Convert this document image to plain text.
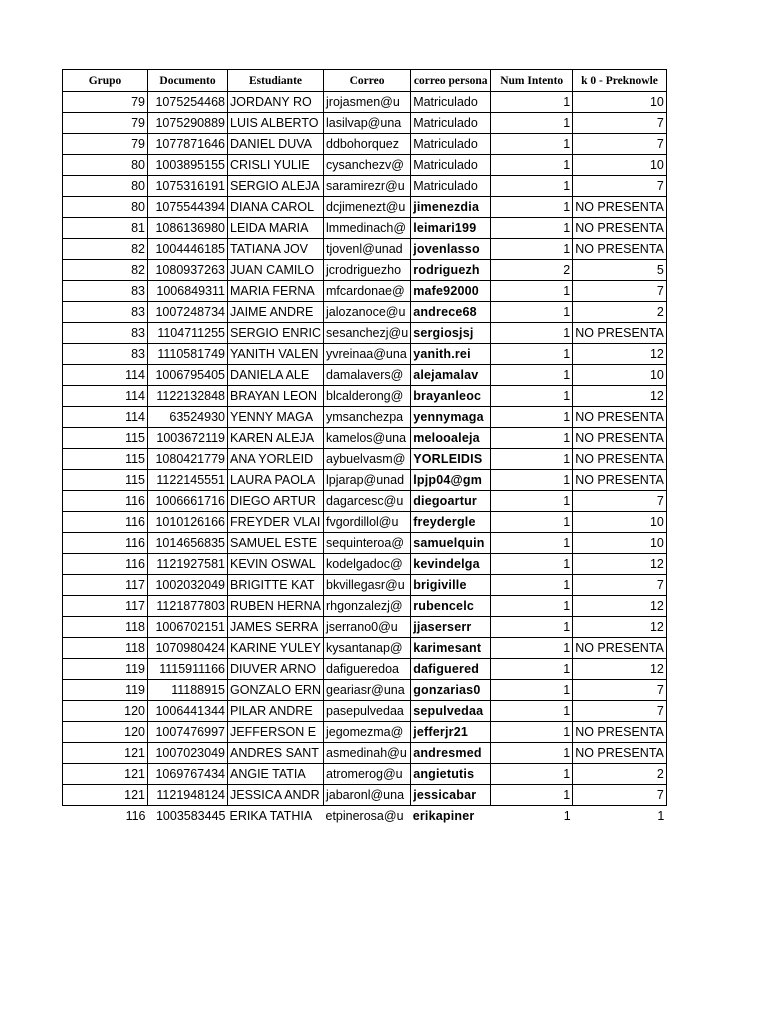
Grupo	Documento	Estudiante	Correo	correo persona	Num Intento	k 0 - Preknowle
79	1075254468	JORDANY RO	jrojasmen@u	Matriculado	1	10
79	1075290889	LUIS ALBERTO	lasilvap@una	Matriculado	1	7
79	1077871646	DANIEL DUVA	ddbohorquez	Matriculado	1	7
80	1003895155	CRISLI YULIE	cysanchezv@	Matriculado	1	10
80	1075316191	SERGIO ALEJA	saramirezr@u	Matriculado	1	7
80	1075544394	DIANA CAROL	dcjimenezt@u	jimenezdia	1	NO PRESENTA
81	1086136980	LEIDA MARIA	lmmedinach@	leimari199	1	NO PRESENTA
82	1004446185	TATIANA JOV	tjovenl@unad	jovenlasso	1	NO PRESENTA
82	1080937263	JUAN CAMILO	jcrodriguezho	rodriguezh	2	5
83	1006849311	MARIA FERNA	mfcardonae@	mafe92000	1	7
83	1007248734	JAIME ANDRE	jalozanoce@u	andrece68	1	2
83	1104711255	SERGIO ENRIC	sesanchezj@u	sergiosjsj	1	NO PRESENTA
83	1110581749	YANITH VALEN	yvreinaa@una	yanith.rei	1	12
114	1006795405	DANIELA ALE	damalavers@	alejamalav	1	10
114	1122132848	BRAYAN LEON	blcalderong@	brayanleoc	1	12
114	63524930	YENNY MAGA	ymsanchezpa	yennymaga	1	NO PRESENTA
115	1003672119	KAREN ALEJA	kamelos@una	melooaleja	1	NO PRESENTA
115	1080421779	ANA YORLEID	aybuelvasm@	YORLEIDIS	1	NO PRESENTA
115	1122145551	LAURA PAOLA	lpjarap@unad	lpjp04@gm	1	NO PRESENTA
116	1006661716	DIEGO ARTUR	dagarcesc@u	diegoartur	1	7
116	1010126166	FREYDER VLAI	fvgordillol@u	freydergle	1	10
116	1014656835	SAMUEL ESTE	sequinteroa@	samuelquin	1	10
116	1121927581	KEVIN OSWAL	kodelgadoc@	kevindelga	1	12
117	1002032049	BRIGITTE KAT	bkvillegasr@u	brigiville	1	7
117	1121877803	RUBEN HERNA	rhgonzalezj@	rubencelc	1	12
118	1006702151	JAMES SERRA	jserrano0@u	jjaserserr	1	12
118	1070980424	KARINE YULEY	kysantanap@	karimesant	1	NO PRESENTA
119	1115911166	DIUVER ARNO	dafigueredoa	dafiguered	1	12
119	11188915	GONZALO ERN	geariasr@una	gonzarias0	1	7
120	1006441344	PILAR ANDRE	pasepulvedaa	sepulvedaa	1	7
120	1007476997	JEFFERSON E	jegomezma@	jefferjr21	1	NO PRESENTA
121	1007023049	ANDRES SANT	asmedinah@u	andresmed	1	NO PRESENTA
121	1069767434	ANGIE TATIA	atromerog@u	angietutis	1	2
121	1121948124	JESSICA ANDR	jabaronl@una	jessicabar	1	7
116	1003583445	ERIKA TATHIA	etpinerosa@u	erikapiner	1	1
